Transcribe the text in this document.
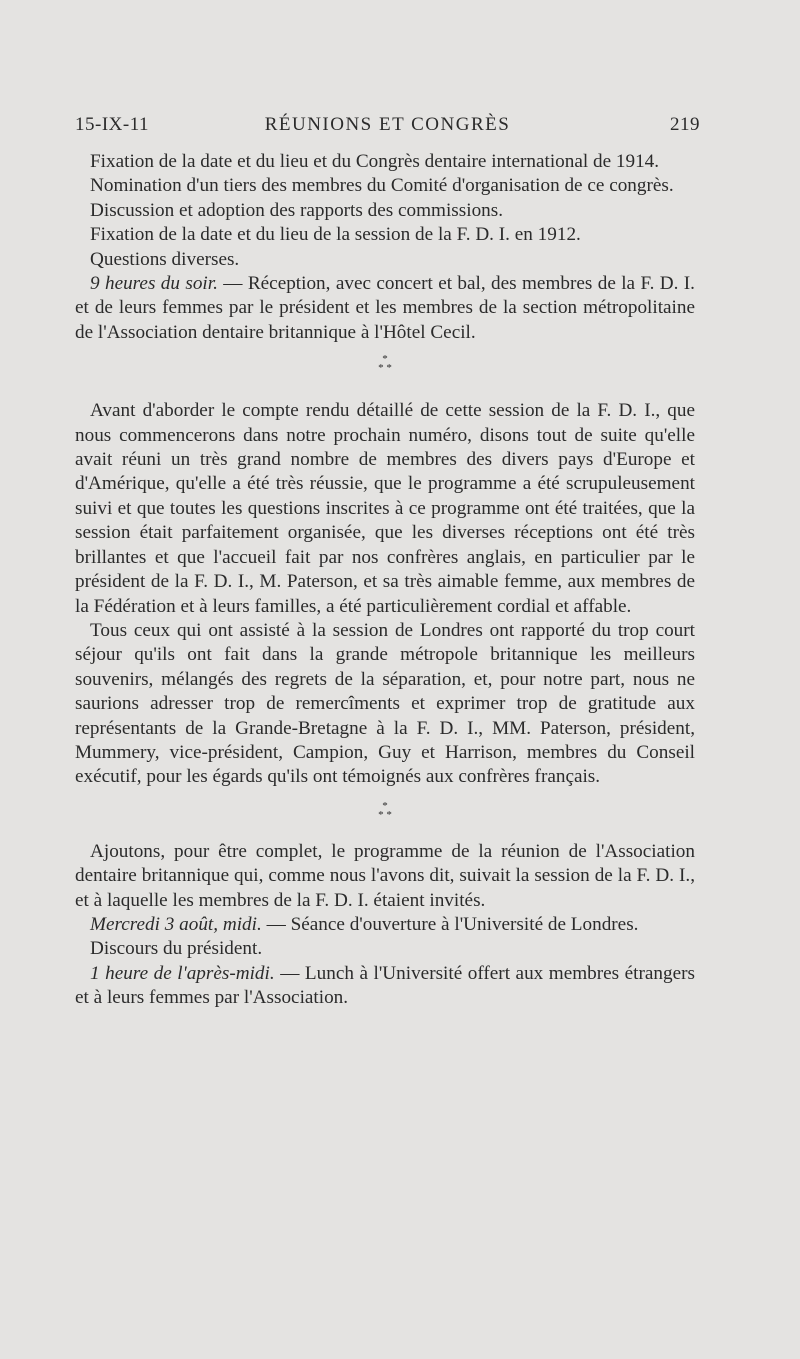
15-IX-11	RÉUNIONS ET CONGRÈS	219

Fixation de la date et du lieu et du Congrès dentaire international de 1914.

Nomination d'un tiers des membres du Comité d'organisation de ce congrès.

Discussion et adoption des rapports des commissions.

Fixation de la date et du lieu de la session de la F. D. I. en 1912.

Questions diverses.

9 heures du soir. — Réception, avec concert et bal, des membres de la F. D. I. et de leurs femmes par le président et les membres de la section métropolitaine de l'Association dentaire britannique à l'Hôtel Cecil.

*

* *

Avant d'aborder le compte rendu détaillé de cette session de la F. D. I., que nous commencerons dans notre prochain numéro, disons tout de suite qu'elle avait réuni un très grand nombre de membres des divers pays d'Europe et d'Amérique, qu'elle a été très réussie, que le programme a été scrupuleusement suivi et que toutes les questions inscrites à ce programme ont été traitées, que la session était parfaitement organisée, que les diverses réceptions ont été très brillantes et que l'accueil fait par nos confrères anglais, en particulier par le président de la F. D. I., M. Paterson, et sa très aimable femme, aux membres de la Fédération et à leurs familles, a été particulièrement cordial et affable.

Tous ceux qui ont assisté à la session de Londres ont rapporté du trop court séjour qu'ils ont fait dans la grande métropole britannique les meilleurs souvenirs, mélangés des regrets de la séparation, et, pour notre part, nous ne saurions adresser trop de remercîments et exprimer trop de gratitude aux représentants de la Grande-Bretagne à la F. D. I., MM. Paterson, président, Mummery, vice-président, Campion, Guy et Harrison, membres du Conseil exécutif, pour les égards qu'ils ont témoignés aux confrères français.

*

* *

Ajoutons, pour être complet, le programme de la réunion de l'Association dentaire britannique qui, comme nous l'avons dit, suivait la session de la F. D. I., et à laquelle les membres de la F. D. I. étaient invités.

Mercredi 3 août, midi. — Séance d'ouverture à l'Université de Londres.

Discours du président.

1 heure de l'après-midi. — Lunch à l'Université offert aux membres étrangers et à leurs femmes par l'Association.
